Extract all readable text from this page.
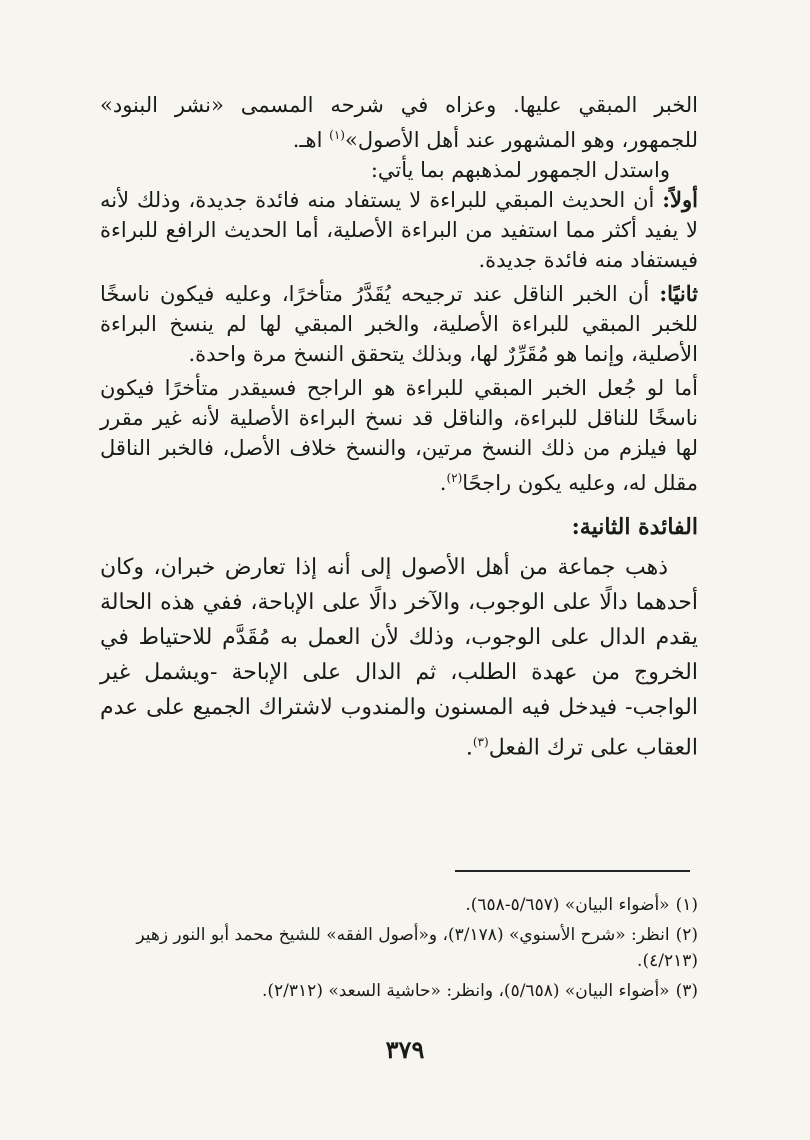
الخبر المبقي عليها. وعزاه في شرحه المسمى «نشر البنود» للجمهور، وهو المشهور عند أهل الأصول»$^{(١)}$ اهـ.

واستدل الجمهور لمذهبهم بما يأتي:

أولاً: أن الحديث المبقي للبراءة لا يستفاد منه فائدة جديدة، وذلك لأنه لا يفيد أكثر مما استفيد من البراءة الأصلية، أما الحديث الرافع للبراءة فيستفاد منه فائدة جديدة.

ثانيًا: أن الخبر الناقل عند ترجيحه يُقَدَّرُ متأخرًا، وعليه فيكون ناسخًا للخبر المبقي للبراءة الأصلية، والخبر المبقي لها لم ينسخ البراءة الأصلية، وإنما هو مُقَرِّرٌ لها، وبذلك يتحقق النسخ مرة واحدة.

أما لو جُعل الخبر المبقي للبراءة هو الراجح فسيقدر متأخرًا فيكون ناسخًا للناقل للبراءة، والناقل قد نسخ البراءة الأصلية لأنه غير مقرر لها فيلزم من ذلك النسخ مرتين، والنسخ خلاف الأصل، فالخبر الناقل مقلل له، وعليه يكون راجحًا$^{(٢)}$.

الفائدة الثانية:

ذهب جماعة من أهل الأصول إلى أنه إذا تعارض خبران، وكان أحدهما دالًا على الوجوب، والآخر دالًا على الإباحة، ففي هذه الحالة يقدم الدال على الوجوب، وذلك لأن العمل به مُقَدَّم للاحتياط في الخروج من عهدة الطلب، ثم الدال على الإباحة -ويشمل غير الواجب- فيدخل فيه المسنون والمندوب لاشتراك الجميع على عدم العقاب على ترك الفعل$^{(٣)}$.

(١)«أضواء البيان» (٥/٦٥٧-٦٥٨).

(٢)انظر: «شرح الأسنوي» (٣/١٧٨)، و«أصول الفقه» للشيخ محمد أبو النور زهير (٤/٢١٣).

(٣)«أضواء البيان» (٥/٦٥٨)، وانظر: «حاشية السعد» (٢/٣١٢).

٣٧٩
